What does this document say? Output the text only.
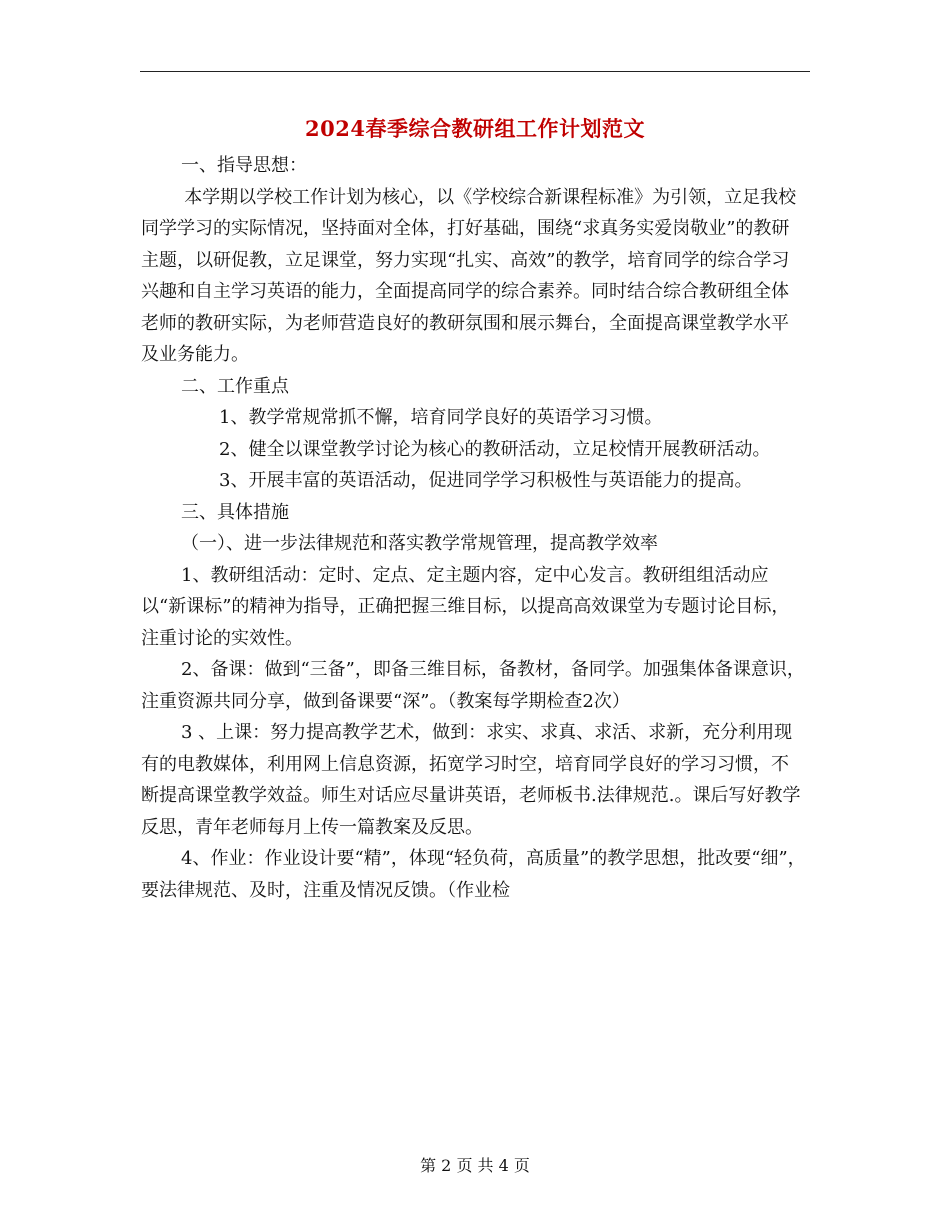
2024春季综合教研组工作计划范文

一、指导思想：

本学期以学校工作计划为核心，以《学校综合新课程标准》为引领，立足我校同学学习的实际情况，坚持面对全体，打好基础，围绕“求真务实爱岗敬业”的教研主题，以研促教，立足课堂，努力实现“扎实、高效”的教学，培育同学的综合学习兴趣和自主学习英语的能力，全面提高同学的综合素养。同时结合综合教研组全体老师的教研实际，为老师营造良好的教研氛围和展示舞台，全面提高课堂教学水平及业务能力。

二、工作重点

1、教学常规常抓不懈，培育同学良好的英语学习习惯。

2、健全以课堂教学讨论为核心的教研活动，立足校情开展教研活动。

3、开展丰富的英语活动，促进同学学习积极性与英语能力的提高。

三、具体措施

（一）、进一步法律规范和落实教学常规管理，提高教学效率

1、教研组活动：定时、定点、定主题内容，定中心发言。教研组组活动应以“新课标”的精神为指导，正确把握三维目标，以提高高效课堂为专题讨论目标，注重讨论的实效性。

2、备课：做到“三备”，即备三维目标，备教材，备同学。加强集体备课意识，注重资源共同分享，做到备课要“深”。（教案每学期检查2次）

3 、上课：努力提高教学艺术，做到：求实、求真、求活、求新，充分利用现有的电教媒体，利用网上信息资源，拓宽学习时空，培育同学良好的学习习惯，不断提高课堂教学效益。师生对话应尽量讲英语，老师板书.法律规范.。课后写好教学反思，青年老师每月上传一篇教案及反思。

4、作业：作业设计要“精”，体现“轻负荷，高质量”的教学思想，批改要“细”，要法律规范、及时，注重及情况反馈。（作业检

第 2 页 共 4 页
